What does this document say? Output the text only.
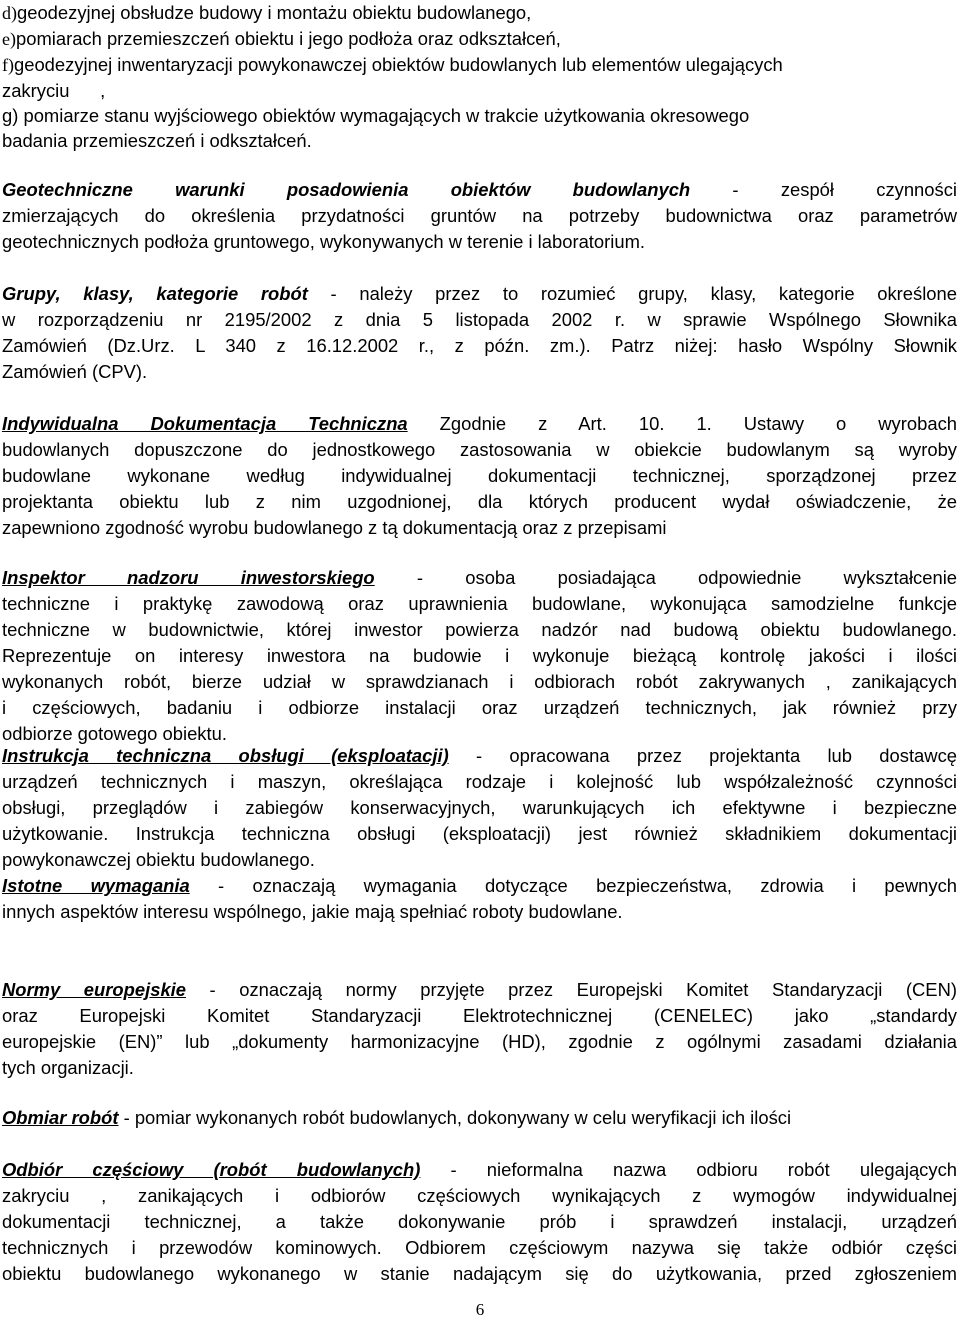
d)geodezyjnej obsłudze budowy i montażu obiektu budowlanego,
e)pomiarach przemieszczeń obiektu i jego podłoża oraz odkształceń,
f)geodezyjnej inwentaryzacji powykonawczej obiektów budowlanych lub elementów ulegających
zakryciu      ,
g) pomiarze stanu wyjściowego obiektów wymagających w trakcie użytkowania okresowego
badania przemieszczeń i odkształceń.
Geotechniczne warunki posadowienia obiektów budowlanych - zespół czynności
zmierzających do określenia przydatności gruntów na potrzeby budownictwa oraz parametrów
geotechnicznych podłoża gruntowego, wykonywanych w terenie i laboratorium.
Grupy, klasy, kategorie robót - należy przez to rozumieć grupy, klasy, kategorie określone
w rozporządzeniu nr 2195/2002 z dnia 5 listopada 2002 r. w sprawie Wspólnego Słownika
Zamówień (Dz.Urz. L 340 z 16.12.2002 r., z późn. zm.). Patrz niżej: hasło Wspólny Słownik
Zamówień (CPV).
Indywidualna Dokumentacja Techniczna Zgodnie z Art. 10. 1. Ustawy o wyrobach
budowlanych dopuszczone do jednostkowego zastosowania w obiekcie budowlanym są wyroby
budowlane wykonane według indywidualnej dokumentacji technicznej, sporządzonej przez
projektanta obiektu lub z nim uzgodnionej, dla których producent wydał oświadczenie, że
zapewniono zgodność wyrobu budowlanego z tą dokumentacją oraz z przepisami
Inspektor nadzoru inwestorskiego - osoba posiadająca odpowiednie wykształcenie
techniczne i praktykę zawodową oraz uprawnienia budowlane, wykonująca samodzielne funkcje
techniczne w budownictwie, której inwestor powierza nadzór nad budową obiektu budowlanego.
Reprezentuje on interesy inwestora na budowie i wykonuje bieżącą kontrolę jakości i ilości
wykonanych robót, bierze udział w sprawdzianach i odbiorach robót zakrywanych , zanikających
i częściowych, badaniu i odbiorze instalacji oraz urządzeń technicznych, jak również przy
odbiorze gotowego obiektu.
Instrukcja techniczna obsługi (eksploatacji) - opracowana przez projektanta lub dostawcę
urządzeń technicznych i maszyn, określająca rodzaje i kolejność lub współzależność czynności
obsługi, przeglądów i zabiegów konserwacyjnych, warunkujących ich efektywne i bezpieczne
użytkowanie. Instrukcja techniczna obsługi (eksploatacji) jest również składnikiem dokumentacji
powykonawczej obiektu budowlanego.
Istotne wymagania - oznaczają wymagania dotyczące bezpieczeństwa, zdrowia i pewnych
innych aspektów interesu wspólnego, jakie mają spełniać roboty budowlane.
Normy europejskie - oznaczają normy przyjęte przez Europejski Komitet Standaryzacji (CEN)
oraz Europejski Komitet Standaryzacji Elektrotechnicznej (CENELEC) jako „standardy
europejskie (EN)” lub „dokumenty harmonizacyjne (HD), zgodnie z ogólnymi zasadami działania
tych organizacji.
Obmiar robót - pomiar wykonanych robót budowlanych, dokonywany w celu weryfikacji ich ilości
Odbiór częściowy (robót budowlanych) - nieformalna nazwa odbioru robót ulegających
zakryciu , zanikających i odbiorów częściowych wynikających z wymogów indywidualnej
dokumentacji technicznej, a także dokonywanie prób i sprawdzeń instalacji, urządzeń
technicznych i przewodów kominowych. Odbiorem częściowym nazywa się także odbiór części
obiektu budowlanego wykonanego w stanie nadającym się do użytkowania, przed zgłoszeniem
6
